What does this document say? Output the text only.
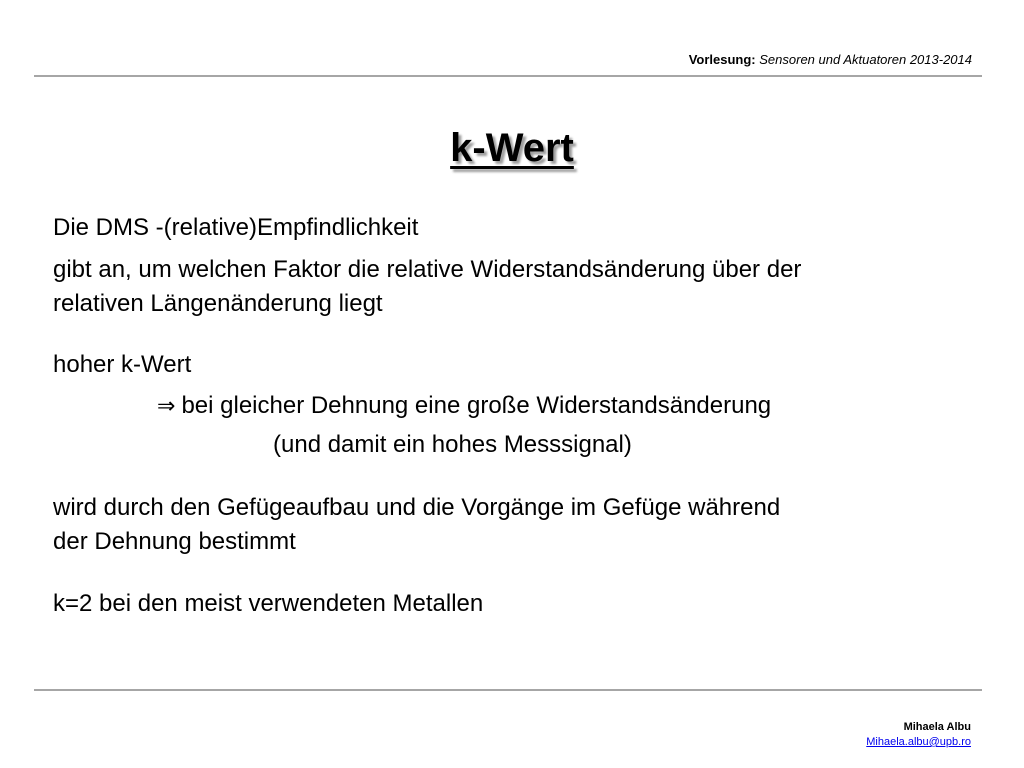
Vorlesung: Sensoren und Aktuatoren 2013-2014
k-Wert
Die DMS -(relative)Empfindlichkeit
gibt an, um welchen Faktor die relative Widerstandsänderung über der
relativen Längenänderung liegt
hoher k-Wert
⇒ bei gleicher Dehnung eine große Widerstandsänderung
(und damit ein hohes Messsignal)
wird durch den Gefügeaufbau und die Vorgänge im Gefüge während
der Dehnung bestimmt
k=2 bei den meist verwendeten Metallen
Mihaela Albu
Mihaela.albu@upb.ro
